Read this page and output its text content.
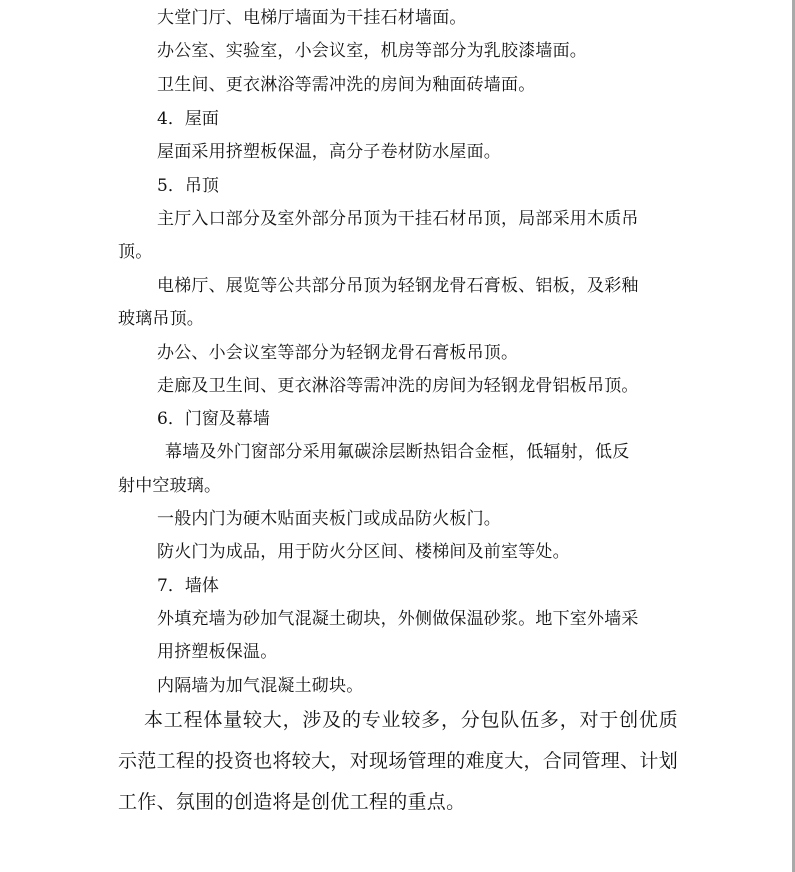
大堂门厅、电梯厅墙面为干挂石材墙面。
办公室、实验室，小会议室，机房等部分为乳胶漆墙面。
卫生间、更衣淋浴等需冲洗的房间为釉面砖墙面。
4．屋面
屋面采用挤塑板保温，高分子卷材防水屋面。
5．吊顶
主厅入口部分及室外部分吊顶为干挂石材吊顶，局部采用木质吊
顶。
电梯厅、展览等公共部分吊顶为轻钢龙骨石膏板、铝板，及彩釉
玻璃吊顶。
办公、小会议室等部分为轻钢龙骨石膏板吊顶。
走廊及卫生间、更衣淋浴等需冲洗的房间为轻钢龙骨铝板吊顶。
6．门窗及幕墙
幕墙及外门窗部分采用氟碳涂层断热铝合金框，低辐射，低反
射中空玻璃。
一般内门为硬木贴面夹板门或成品防火板门。
防火门为成品，用于防火分区间、楼梯间及前室等处。
7．墙体
外填充墙为砂加气混凝土砌块，外侧做保温砂浆。地下室外墙采
用挤塑板保温。
内隔墙为加气混凝土砌块。

本工程体量较大，涉及的专业较多，分包队伍多，对于创优质示范工程的投资也将较大，对现场管理的难度大，合同管理、计划工作、氛围的创造将是创优工程的重点。
